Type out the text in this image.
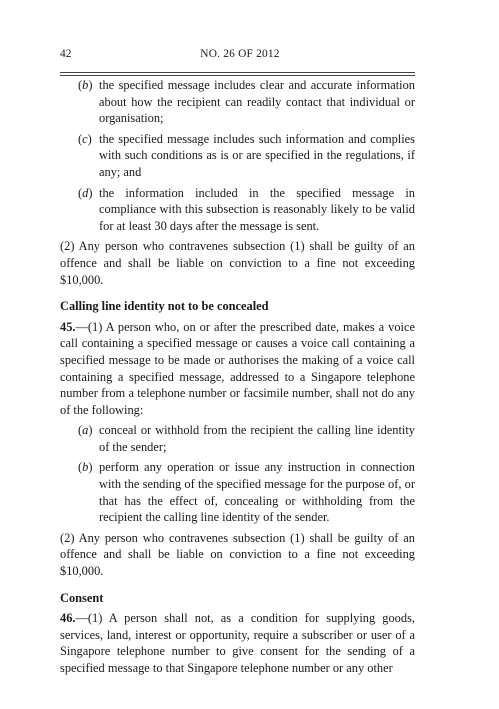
42	NO. 26 OF 2012
(b) the specified message includes clear and accurate information about how the recipient can readily contact that individual or organisation;
(c) the specified message includes such information and complies with such conditions as is or are specified in the regulations, if any; and
(d) the information included in the specified message in compliance with this subsection is reasonably likely to be valid for at least 30 days after the message is sent.

(2) Any person who contravenes subsection (1) shall be guilty of an offence and shall be liable on conviction to a fine not exceeding $10,000.

Calling line identity not to be concealed

45.—(1) A person who, on or after the prescribed date, makes a voice call containing a specified message or causes a voice call containing a specified message to be made or authorises the making of a voice call containing a specified message, addressed to a Singapore telephone number from a telephone number or facsimile number, shall not do any of the following:

(a) conceal or withhold from the recipient the calling line identity of the sender;
(b) perform any operation or issue any instruction in connection with the sending of the specified message for the purpose of, or that has the effect of, concealing or withholding from the recipient the calling line identity of the sender.

(2) Any person who contravenes subsection (1) shall be guilty of an offence and shall be liable on conviction to a fine not exceeding $10,000.

Consent

46.—(1) A person shall not, as a condition for supplying goods, services, land, interest or opportunity, require a subscriber or user of a Singapore telephone number to give consent for the sending of a specified message to that Singapore telephone number or any other
